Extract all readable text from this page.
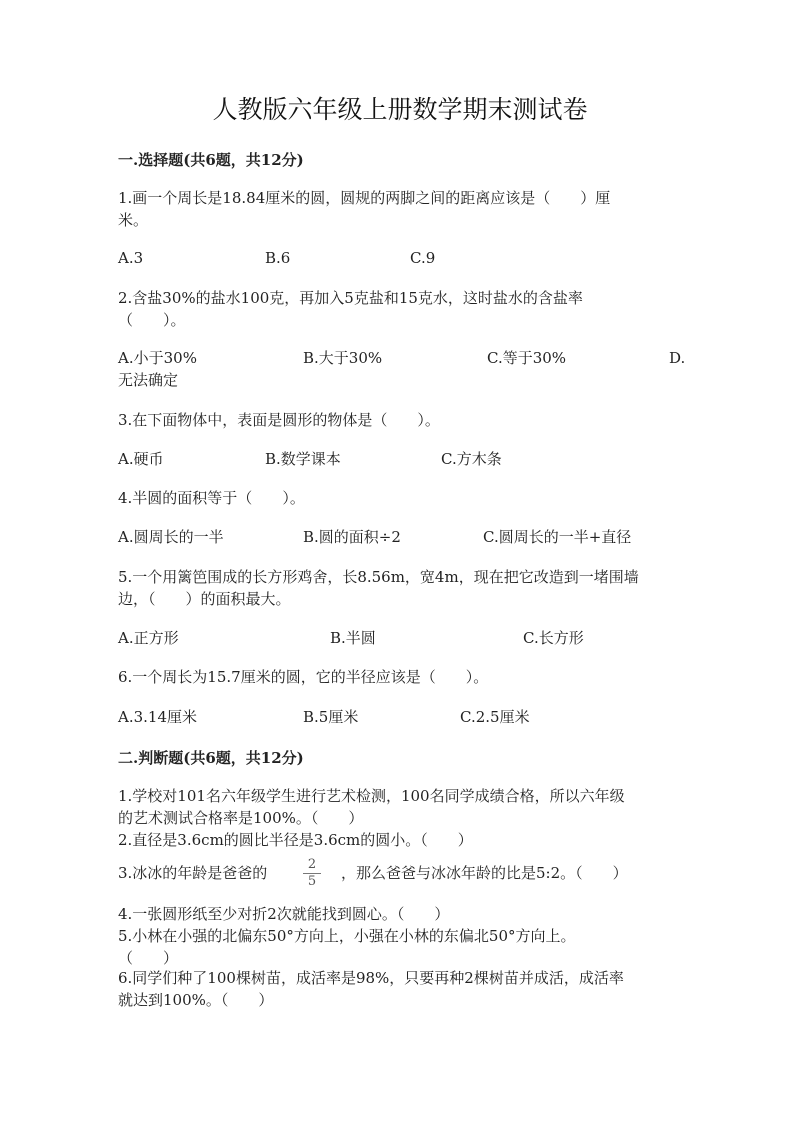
人教版六年级上册数学期末测试卷
一.选择题(共6题，共12分)
1.画一个周长是18.84厘米的圆，圆规的两脚之间的距离应该是（　　）厘
米。
A.3	B.6	C.9
2.含盐30%的盐水100克，再加入5克盐和15克水，这时盐水的含盐率
（　　）。
A.小于30%	B.大于30%	C.等于30%	D.
无法确定
3.在下面物体中，表面是圆形的物体是（　　）。
A.硬币	B.数学课本	C.方木条
4.半圆的面积等于（　　）。
A.圆周长的一半	B.圆的面积÷2	C.圆周长的一半+直径
5.一个用篱笆围成的长方形鸡舍，长8.56m，宽4m，现在把它改造到一堵围墙
边，（　　）的面积最大。
A.正方形	B.半圆	C.长方形
6.一个周长为15.7厘米的圆，它的半径应该是（　　）。
A.3.14厘米	B.5厘米	C.2.5厘米
二.判断题(共6题，共12分)
1.学校对101名六年级学生进行艺术检测，100名同学成绩合格，所以六年级
的艺术测试合格率是100%。（　　）
2.直径是3.6cm的圆比半径是3.6cm的圆小。（　　）
3.冰冰的年龄是爸爸的	$\frac{2}{5}$ ，那么爸爸与冰冰年龄的比是5:2。（　　）
4.一张圆形纸至少对折2次就能找到圆心。（　　）
5.小林在小强的北偏东50°方向上，小强在小林的东偏北50°方向上。
（　　）
6.同学们种了100棵树苗，成活率是98%，只要再种2棵树苗并成活，成活率
就达到100%。（　　）
